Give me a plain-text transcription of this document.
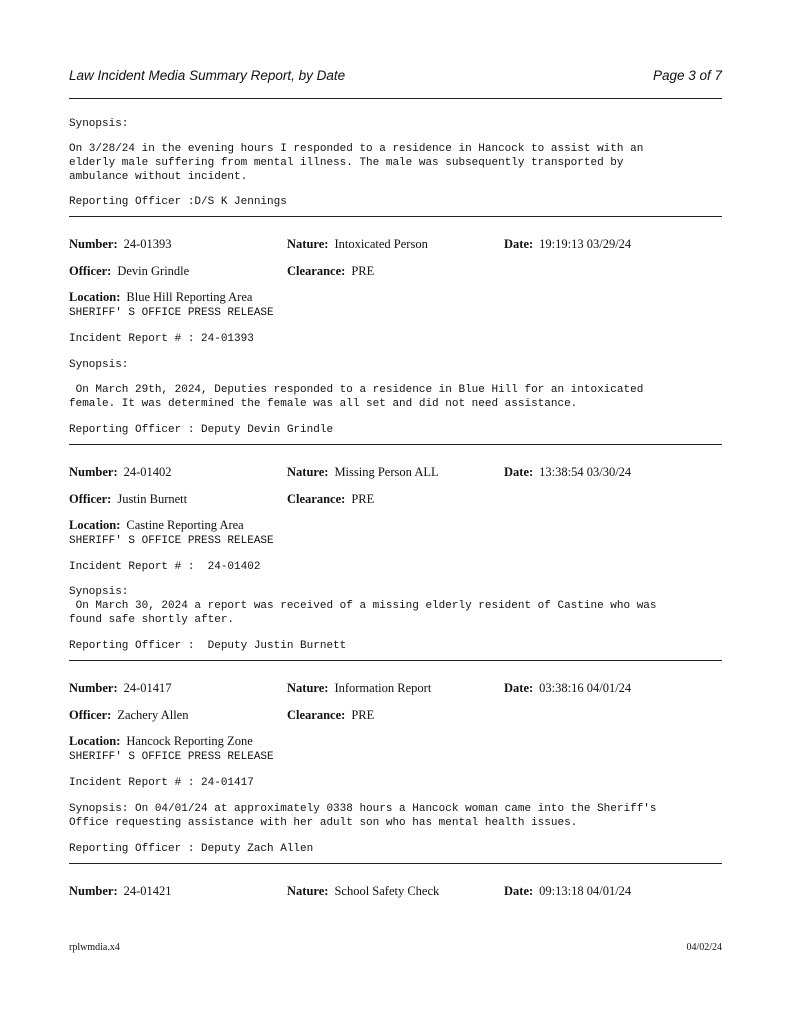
Law Incident Media Summary Report, by Date	Page 3 of 7
Synopsis:
On 3/28/24 in the evening hours I responded to a residence in Hancock to assist with an
elderly male suffering from mental illness. The male was subsequently transported by
ambulance without incident.
Reporting Officer :D/S K Jennings
Number: 24-01393	Nature: Intoxicated Person	Date: 19:19:13 03/29/24
Officer: Devin Grindle	Clearance: PRE
Location: Blue Hill Reporting Area
SHERIFF' S OFFICE PRESS RELEASE
Incident Report # : 24-01393
Synopsis:
On March 29th, 2024, Deputies responded to a residence in Blue Hill for an intoxicated
female. It was determined the female was all set and did not need assistance.
Reporting Officer : Deputy Devin Grindle
Number: 24-01402	Nature: Missing Person ALL	Date: 13:38:54 03/30/24
Officer: Justin Burnett	Clearance: PRE
Location: Castine Reporting Area
SHERIFF' S OFFICE PRESS RELEASE
Incident Report # :  24-01402
Synopsis:
On March 30, 2024 a report was received of a missing elderly resident of Castine who was
found safe shortly after.
Reporting Officer :  Deputy Justin Burnett
Number: 24-01417	Nature: Information Report	Date: 03:38:16 04/01/24
Officer: Zachery Allen	Clearance: PRE
Location: Hancock Reporting Zone
SHERIFF' S OFFICE PRESS RELEASE
Incident Report # : 24-01417
Synopsis: On 04/01/24 at approximately 0338 hours a Hancock woman came into the Sheriff's
Office requesting assistance with her adult son who has mental health issues.
Reporting Officer : Deputy Zach Allen
Number: 24-01421	Nature: School Safety Check	Date: 09:13:18 04/01/24
rplwmdia.x4	04/02/24
